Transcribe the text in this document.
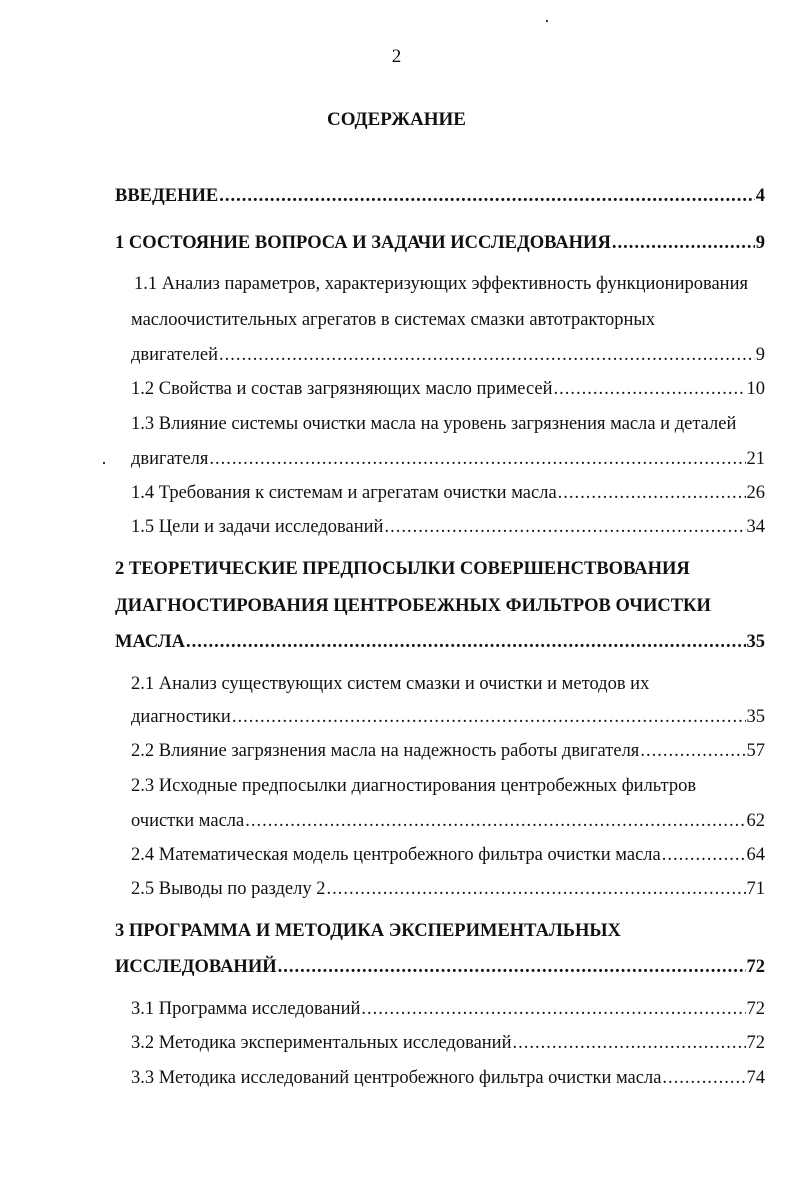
2
СОДЕРЖАНИЕ
ВВЕДЕНИЕ .....	4
1 СОСТОЯНИЕ ВОПРОСА И ЗАДАЧИ ИССЛЕДОВАНИЯ .....	9
1.1 Анализ параметров, характеризующих эффективность функционирования
маслоочистительных агрегатов в системах смазки автотракторных
двигателей .....	9
1.2 Свойства и состав загрязняющих масло примесей .....	10
1.3 Влияние системы очистки масла на уровень загрязнения масла и деталей
двигателя .....	21
1.4 Требования к системам и агрегатам очистки масла .....	26
1.5 Цели и задачи исследований .....	34
2 ТЕОРЕТИЧЕСКИЕ ПРЕДПОСЫЛКИ СОВЕРШЕНСТВОВАНИЯ
ДИАГНОСТИРОВАНИЯ ЦЕНТРОБЕЖНЫХ ФИЛЬТРОВ ОЧИСТКИ
МАСЛА .....	35
2.1 Анализ существующих систем смазки и очистки и методов их
диагностики .....	35
2.2 Влияние загрязнения масла на надежность работы двигателя .....	57
2.3 Исходные предпосылки диагностирования центробежных фильтров
очистки масла .....	62
2.4 Математическая модель центробежного фильтра очистки масла .....	64
2.5 Выводы по разделу 2 .....	71
3 ПРОГРАММА И МЕТОДИКА ЭКСПЕРИМЕНТАЛЬНЫХ
ИССЛЕДОВАНИЙ .....	72
3.1 Программа исследований .....	72
3.2 Методика экспериментальных исследований .....	72
3.3 Методика исследований центробежного фильтра очистки масла .....	74
